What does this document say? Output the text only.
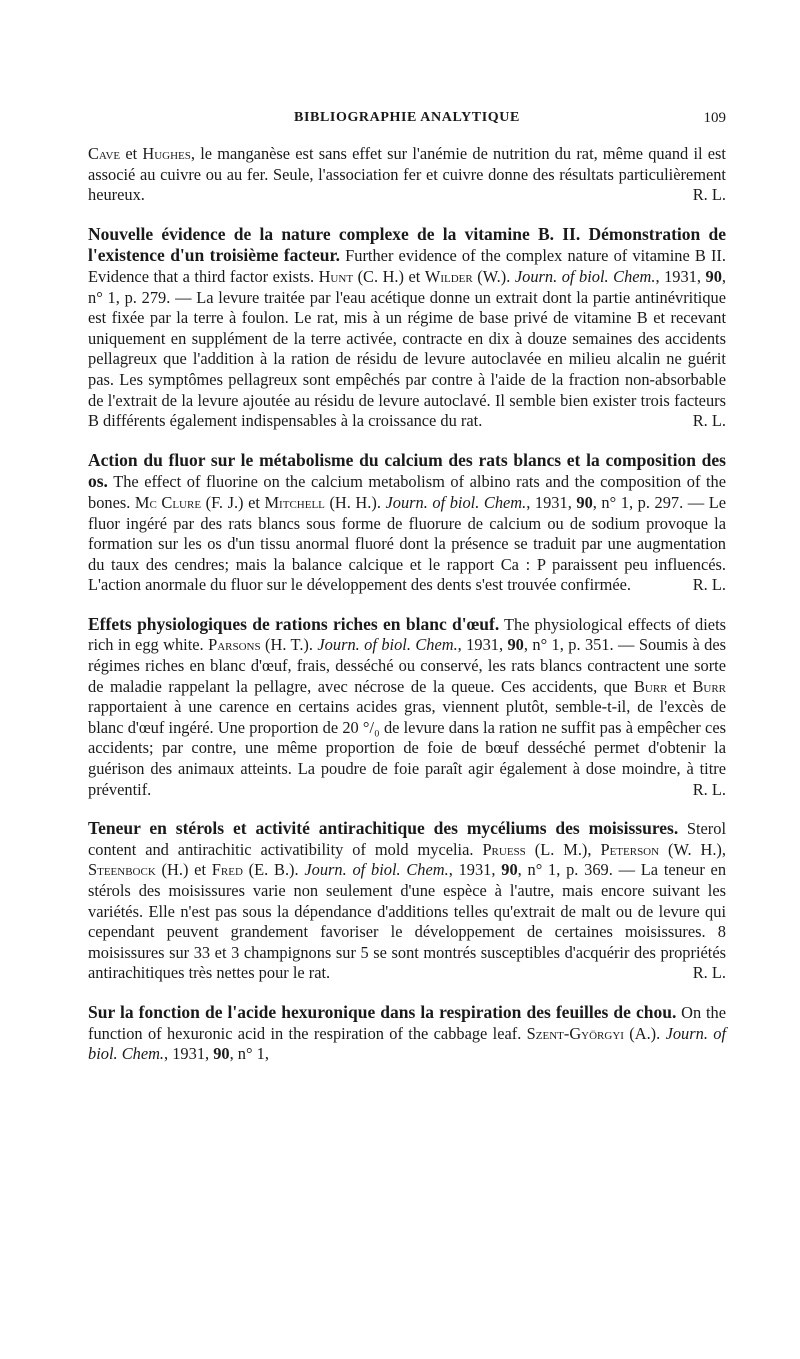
BIBLIOGRAPHIE ANALYTIQUE	109

Cave et Hughes, le manganèse est sans effet sur l'anémie de nutrition du rat, même quand il est associé au cuivre ou au fer. Seule, l'association fer et cuivre donne des résultats particulièrement heureux.	R. L.

Nouvelle évidence de la nature complexe de la vitamine B. II. Démonstration de l'existence d'un troisième facteur. Further evidence of the complex nature of vitamine B II. Evidence that a third factor exists. Hunt (C. H.) et Wilder (W.). Journ. of biol. Chem., 1931, 90, n° 1, p. 279. — La levure traitée par l'eau acétique donne un extrait dont la partie antinévritique est fixée par la terre à foulon. Le rat, mis à un régime de base privé de vitamine B et recevant uniquement en supplément de la terre activée, contracte en dix à douze semaines des accidents pellagreux que l'addition à la ration de résidu de levure autoclavée en milieu alcalin ne guérit pas. Les symptômes pellagreux sont empêchés par contre à l'aide de la fraction non-absorbable de l'extrait de la levure ajoutée au résidu de levure autoclavé. Il semble bien exister trois facteurs B différents également indispensables à la croissance du rat.	R. L.

Action du fluor sur le métabolisme du calcium des rats blancs et la composition des os. The effect of fluorine on the calcium metabolism of albino rats and the composition of the bones. Mc Clure (F. J.) et Mitchell (H. H.). Journ. of biol. Chem., 1931, 90, n° 1, p. 297. — Le fluor ingéré par des rats blancs sous forme de fluorure de calcium ou de sodium provoque la formation sur les os d'un tissu anormal fluoré dont la présence se traduit par une augmentation du taux des cendres; mais la balance calcique et le rapport Ca : P paraissent peu influencés. L'action anormale du fluor sur le développement des dents s'est trouvée confirmée.	R. L.

Effets physiologiques de rations riches en blanc d'œuf. The physiological effects of diets rich in egg white. Parsons (H. T.). Journ. of biol. Chem., 1931, 90, n° 1, p. 351. — Soumis à des régimes riches en blanc d'œuf, frais, desséché ou conservé, les rats blancs contractent une sorte de maladie rappelant la pellagre, avec nécrose de la queue. Ces accidents, que Burr et Burr rapportaient à une carence en certains acides gras, viennent plutôt, semble-t-il, de l'excès de blanc d'œuf ingéré. Une proportion de 20 °/₀ de levure dans la ration ne suffit pas à empêcher ces accidents; par contre, une même proportion de foie de bœuf desséché permet d'obtenir la guérison des animaux atteints. La poudre de foie paraît agir également à dose moindre, à titre préventif.	R. L.

Teneur en stérols et activité antirachitique des mycéliums des moisissures. Sterol content and antirachitic activatibility of mold mycelia. Pruess (L. M.), Peterson (W. H.), Steenbock (H.) et Fred (E. B.). Journ. of biol. Chem., 1931, 90, n° 1, p. 369. — La teneur en stérols des moisissures varie non seulement d'une espèce à l'autre, mais encore suivant les variétés. Elle n'est pas sous la dépendance d'additions telles qu'extrait de malt ou de levure qui cependant peuvent grandement favoriser le développement de certaines moisissures. 8 moisissures sur 33 et 3 champignons sur 5 se sont montrés susceptibles d'acquérir des propriétés antirachitiques très nettes pour le rat.	R. L.

Sur la fonction de l'acide hexuronique dans la respiration des feuilles de chou. On the function of hexuronic acid in the respiration of the cabbage leaf. Szent-Györgyi (A.). Journ. of biol. Chem., 1931, 90, n° 1,
